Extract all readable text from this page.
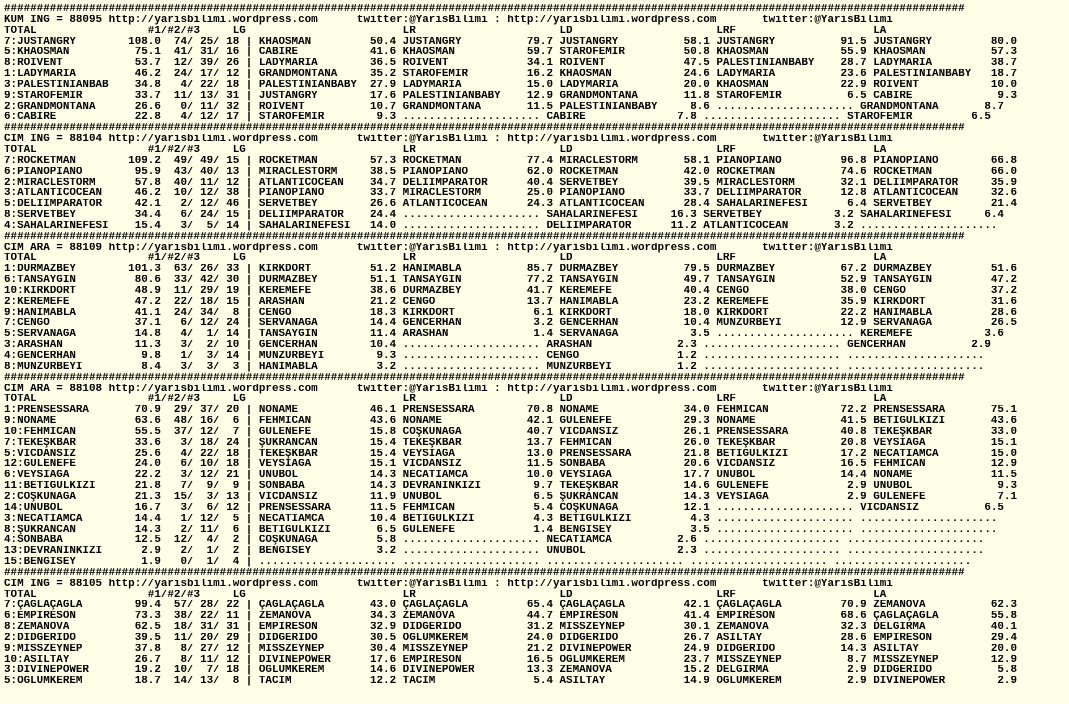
###################################################################################################################################################
KUM ING = 88095 http://yarisbilimi.wordpress.com      twitter:@YarisBilimi : http://yarisbilimi.wordpress.com       twitter:@YarisBilimi
TOTAL                 #1/#2/#3     LG                        LR                      LD                      LRF                     LA
7:JUSTANGRY        108.0  74/ 25/ 18 | KHAOSMAN         50.4 JUSTANGRY          79.7 JUSTANGRY          58.1 JUSTANGRY          91.5 JUSTANGRY         80.0
5:KHAOSMAN          75.1  41/ 31/ 16 | CABİRE           41.6 KHAOSMAN           59.7 STAROFEMİR         50.8 KHAOSMAN           55.9 KHAOSMAN          57.3
8:ROIVENT           53.7  12/ 39/ 26 | LADYMARIA        36.5 ROIVENT            34.1 ROIVENT            47.5 PALESTINIANBABY    28.7 LADYMARIA         38.7
1:LADYMARIA         46.2  24/ 17/ 12 | GRANDMONTANA     35.2 STAROFEMİR         16.2 KHAOSMAN           24.6 LADYMARIA          23.6 PALESTINIANBABY   18.7
3:PALESTINIANBAB    34.8   4/ 22/ 18 | PALESTINIANBABY  27.9 LADYMARIA          15.0 LADYMARIA          20.0 KHAOSMAN           22.9 ROIVENT           10.0
9:STAROFEMİR        33.7  11/ 13/ 31 | JUSTANGRY        17.6 PALESTINIANBABY    12.9 GRANDMONTANA       11.8 STAROFEMİR          6.5 CABİRE             9.3
2:GRANDMONTANA      26.6   0/ 11/ 32 | ROIVENT          10.7 GRANDMONTANA       11.5 PALESTINIANBABY     8.6 ..................... GRANDMONTANA       8.7
6:CABİRE            22.8   4/ 12/ 17 | STAROFEMİR        9.3 ..................... CABİRE              7.8 ..................... STAROFEMİR         6.5
###################################################################################################################################################
CIM ING = 88104 http://yarisbilimi.wordpress.com      twitter:@YarisBilimi : http://yarisbilimi.wordpress.com       twitter:@YarisBilimi
TOTAL                 #1/#2/#3     LG                        LR                      LD                      LRF                     LA
7:ROCKETMAN        109.2  49/ 49/ 15 | ROCKETMAN        57.3 ROCKETMAN          77.4 MIRACLESTORM       58.1 PİANOPİANO         96.8 PİANOPİANO        66.8
6:PİANOPİANO        95.9  43/ 40/ 13 | MIRACLESTORM     38.5 PİANOPİANO         62.0 ROCKETMAN          42.0 ROCKETMAN          74.6 ROCKETMAN         66.0
2:MIRACLESTORM      57.8  40/ 11/ 12 | ATLANTICOCEAN    34.7 DELİİMPARATOR      40.4 SERVETBEY          39.5 MIRACLESTORM       32.1 DELİİMPARATOR     35.9
3:ATLANTICOCEAN     46.2  10/ 12/ 38 | PİANOPİANO       33.7 MIRACLESTORM       25.0 PİANOPİANO         33.7 DELİİMPARATOR      12.8 ATLANTICOCEAN     32.6
5:DELİİMPARATOR     42.1   2/ 12/ 46 | SERVETBEY        26.6 ATLANTICOCEAN      24.3 ATLANTICOCEAN      28.4 SAHALARINEFESİ      6.4 SERVETBEY         21.4
8:SERVETBEY         34.4   6/ 24/ 15 | DELİİMPARATOR    24.4 ..................... SAHALARINEFESİ     16.3 SERVETBEY           3.2 SAHALARINEFESİ     6.4
4:SAHALARINEFESİ    15.4   3/  5/ 14 | SAHALARINEFESİ   14.0 ..................... DELİİMPARATOR      11.2 ATLANTICOCEAN       3.2 .....................
###################################################################################################################################################
CIM ARA = 88109 http://yarisbilimi.wordpress.com      twitter:@YarisBilimi : http://yarisbilimi.wordpress.com       twitter:@YarisBilimi
TOTAL                 #1/#2/#3     LG                        LR                      LD                      LRF                     LA
1:DURMAZBEY        101.3  63/ 26/ 33 | KIRKDÖRT         51.2 HANIMABLA          85.7 DURMAZBEY          79.5 DURMAZBEY          67.2 DURMAZBEY         51.6
6:TANSAYGIN         80.6  33/ 42/ 30 | DURMAZBEY        51.1 TANSAYGIN          77.2 TANSAYGIN          49.7 TANSAYGIN          52.9 TANSAYGIN         47.2
10:KIRKDÖRT         48.9  11/ 29/ 19 | KEREMEFE         38.6 DURMAZBEY          41.7 KEREMEFE           40.4 CENGO              38.0 CENGO             37.2
2:KEREMEFE          47.2  22/ 18/ 15 | ARASHAN          21.2 CENGO              13.7 HANIMABLA          23.2 KEREMEFE           35.9 KIRKDÖRT          31.6
9:HANIMABLA         41.1  24/ 34/  8 | CENGO            18.3 KIRKDÖRT            6.1 KIRKDÖRT           18.0 KIRKDÖRT           22.2 HANIMABLA         28.6
7:CENGO             37.1   6/ 12/ 24 | SERVANAĞA        14.4 GENCERHAN           3.2 GENCERHAN          10.4 MUNZURBEYİ         12.9 SERVANAĞA         26.5
5:SERVANAĞA         14.8   4/  1/ 14 | TANSAYGIN        11.4 ARASHAN             1.4 SERVANAĞA           3.5 ..................... KEREMEFE           3.6
3:ARASHAN           11.3   3/  2/ 10 | GENCERHAN        10.4 ..................... ARASHAN             2.3 ..................... GENCERHAN          2.9
4:GENCERHAN          9.8   1/  3/ 14 | MUNZURBEYİ        9.3 ..................... CENGO               1.2 ..................... .....................
8:MUNZURBEYİ         8.4   3/  3/  3 | HANIMABLA         3.2 ..................... MUNZURBEYİ          1.2 ..................... .....................
###################################################################################################################################################
CIM ARA = 88108 http://yarisbilimi.wordpress.com      twitter:@YarisBilimi : http://yarisbilimi.wordpress.com       twitter:@YarisBilimi
TOTAL                 #1/#2/#3     LG                        LR                      LD                      LRF                     LA
1:PRENSESSARA       70.9  29/ 37/ 20 | NONAME           46.1 PRENSESSARA        70.8 NONAME             34.0 FEHMİCAN           72.2 PRENSESSARA       75.1
9:NONAME            63.6  48/ 16/  6 | FEHMİCAN         43.6 NONAME             42.1 GÜLENEFE           29.3 NONAME             41.5 BETİGÜLKIZI       43.6
10:FEHMİCAN         55.5  37/ 12/  7 | GÜLENEFE         15.8 COŞKUNAĞA          40.7 VİCDANSIZ          26.1 PRENSESSARA        40.8 TEKEŞKBAR         33.0
7:TEKEŞKBAR         33.6   3/ 18/ 24 | ŞÜKRANCAN        15.4 TEKEŞKBAR          13.7 FEHMİCAN           26.0 TEKEŞKBAR          20.8 VEYSİAĞA          15.1
5:VİCDANSIZ         25.6   4/ 22/ 18 | TEKEŞKBAR        15.4 VEYSİAĞA           13.0 PRENSESSARA        21.8 BETİGÜLKIZI        17.2 NECATİAMCA        15.0
12:GÜLENEFE         24.0   6/ 10/ 18 | VEYSİAĞA         15.1 VİCDANSIZ          11.5 SONBABA            20.6 VİCDANSIZ          16.5 FEHMİCAN          12.9
6:VEYSİAĞA          22.2   3/ 12/ 21 | ÜNÜBOL           14.3 NECATİAMCA         10.0 VEYSİAĞA           17.7 ÜNÜBOL             14.4 NONAME            11.5
11:BETİGÜLKIZI      21.8   7/  9/  9 | SONBABA          14.3 DEVRANINKIZI        9.7 TEKEŞKBAR          14.6 GÜLENEFE            2.9 ÜNÜBOL             9.3
2:COŞKUNAĞA         21.3  15/  3/ 13 | VİCDANSIZ        11.9 ÜNÜBOL              6.5 ŞÜKRANCAN          14.3 VEYSİAĞA            2.9 GÜLENEFE           7.1
14:ÜNÜBOL           16.7   3/  6/ 12 | PRENSESSARA      11.5 FEHMİCAN            5.4 COŞKUNAĞA          12.1 ..................... VİCDANSIZ          6.5
3:NECATİAMCA        14.4   1/ 12/  5 | NECATİAMCA       10.4 BETİGÜLKIZI         4.3 BETİGÜLKIZI         4.3 ..................... .....................
8:ŞÜKRANCAN         14.3   2/ 11/  6 | BETİGÜLKIZI       6.5 GÜLENEFE            1.4 BENGİSEY            3.5 ..................... .....................
4:SONBABA           12.5  12/  4/  2 | COŞKUNAĞA         5.8 ..................... NECATİAMCA          2.6 ..................... .....................
13:DEVRANINKIZI      2.9   2/  1/  2 | BENGİSEY          3.2 ..................... ÜNÜBOL              2.3 ..................... .....................
15:BENGİSEY          1.9   0/  1/  4 | ..................... ..................... ..................... ..................... .....................
###################################################################################################################################################
CIM ING = 88105 http://yarisbilimi.wordpress.com      twitter:@YarisBilimi : http://yarisbilimi.wordpress.com       twitter:@YarisBilimi
TOTAL                 #1/#2/#3     LG                        LR                      LD                      LRF                     LA
7:ÇAĞLAÇAĞLA        99.4  57/ 28/ 22 | ÇAĞLAÇAĞLA       43.0 ÇAĞLAÇAĞLA         65.4 ÇAĞLAÇAĞLA         42.1 ÇAĞLAÇAĞLA         70.9 ZEMANOVA          62.3
6:EMPİRESON         73.3  38/ 22/ 11 | ZEMANOVA         34.3 ZEMANOVA           44.7 EMPİRESON          41.4 EMPİRESON          68.6 ÇAĞLAÇAĞLA        55.8
8:ZEMANOVA          62.5  18/ 31/ 31 | EMPİRESON        32.9 DIDGERIDO          31.2 MISSZEYNEP         30.1 ZEMANOVA           32.3 DELGIRMA          40.1
2:DIDGERIDO         39.5  11/ 20/ 29 | DIDGERIDO        30.5 OĞLUMKEREM         24.0 DIDGERIDO          26.7 ASİLTAY            28.6 EMPİRESON         29.4
9:MISSZEYNEP        37.8   8/ 27/ 12 | MISSZEYNEP       30.4 MISSZEYNEP         21.2 DIVINEPOWER        24.9 DIDGERIDO          14.3 ASİLTAY           20.0
10:ASİLTAY          26.7   8/ 11/ 12 | DIVINEPOWER      17.6 EMPİRESON          16.5 OĞLUMKEREM         23.7 MISSZEYNEP          8.7 MISSZEYNEP        12.9
3:DIVINEPOWER       19.2  10/  7/ 18 | OĞLUMKEREM       14.6 DIVINEPOWER        13.3 ZEMANOVA           15.2 DELGIRMA            2.9 DIDGERIDO          5.8
5:OĞLUMKEREM        18.7  14/ 13/  8 | TACIM            12.2 TACIM               5.4 ASİLTAY            14.9 OĞLUMKEREM          2.9 DIVINEPOWER        2.9
